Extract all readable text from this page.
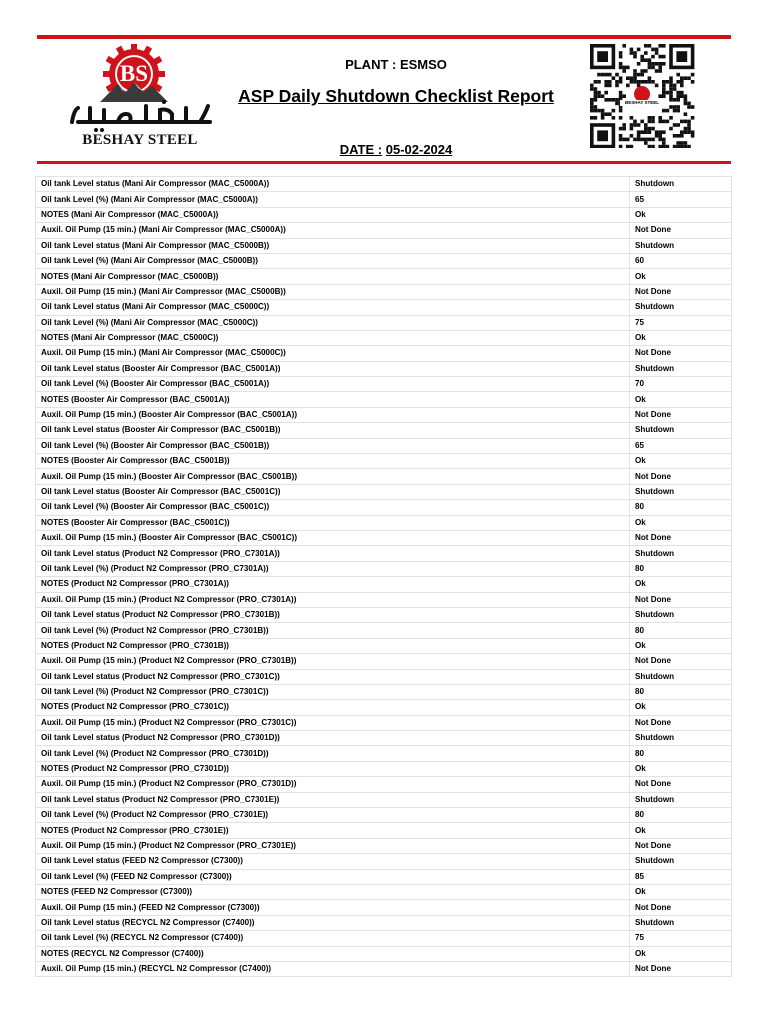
BS
BESHAY STEEL
PLANT : ESMSO
ASP Daily Shutdown Checklist Report
DATE : 05-02-2024
BESHAY STEEL
Oil tank Level status (Mani Air Compressor (MAC_C5000A))	Shutdown
Oil tank Level (%) (Mani Air Compressor (MAC_C5000A))	65
NOTES (Mani Air Compressor (MAC_C5000A))	Ok
Auxil. Oil Pump (15 min.) (Mani Air Compressor (MAC_C5000A))	Not Done
Oil tank Level status (Mani Air Compressor (MAC_C5000B))	Shutdown
Oil tank Level (%) (Mani Air Compressor (MAC_C5000B))	60
NOTES (Mani Air Compressor (MAC_C5000B))	Ok
Auxil. Oil Pump (15 min.) (Mani Air Compressor (MAC_C5000B))	Not Done
Oil tank Level status (Mani Air Compressor (MAC_C5000C))	Shutdown
Oil tank Level (%) (Mani Air Compressor (MAC_C5000C))	75
NOTES (Mani Air Compressor (MAC_C5000C))	Ok
Auxil. Oil Pump (15 min.) (Mani Air Compressor (MAC_C5000C))	Not Done
Oil tank Level status (Booster Air Compressor (BAC_C5001A))	Shutdown
Oil tank Level (%) (Booster Air Compressor (BAC_C5001A))	70
NOTES (Booster Air Compressor (BAC_C5001A))	Ok
Auxil. Oil Pump (15 min.) (Booster Air Compressor (BAC_C5001A))	Not Done
Oil tank Level status (Booster Air Compressor (BAC_C5001B))	Shutdown
Oil tank Level (%) (Booster Air Compressor (BAC_C5001B))	65
NOTES (Booster Air Compressor (BAC_C5001B))	Ok
Auxil. Oil Pump (15 min.) (Booster Air Compressor (BAC_C5001B))	Not Done
Oil tank Level status (Booster Air Compressor (BAC_C5001C))	Shutdown
Oil tank Level (%) (Booster Air Compressor (BAC_C5001C))	80
NOTES (Booster Air Compressor (BAC_C5001C))	Ok
Auxil. Oil Pump (15 min.) (Booster Air Compressor (BAC_C5001C))	Not Done
Oil tank Level status (Product N2 Compressor (PRO_C7301A))	Shutdown
Oil tank Level (%) (Product N2 Compressor (PRO_C7301A))	80
NOTES (Product N2 Compressor (PRO_C7301A))	Ok
Auxil. Oil Pump (15 min.) (Product N2 Compressor (PRO_C7301A))	Not Done
Oil tank Level status (Product N2 Compressor (PRO_C7301B))	Shutdown
Oil tank Level (%) (Product N2 Compressor (PRO_C7301B))	80
NOTES (Product N2 Compressor (PRO_C7301B))	Ok
Auxil. Oil Pump (15 min.) (Product N2 Compressor (PRO_C7301B))	Not Done
Oil tank Level status (Product N2 Compressor (PRO_C7301C))	Shutdown
Oil tank Level (%) (Product N2 Compressor (PRO_C7301C))	80
NOTES (Product N2 Compressor (PRO_C7301C))	Ok
Auxil. Oil Pump (15 min.) (Product N2 Compressor (PRO_C7301C))	Not Done
Oil tank Level status (Product N2 Compressor (PRO_C7301D))	Shutdown
Oil tank Level (%) (Product N2 Compressor (PRO_C7301D))	80
NOTES (Product N2 Compressor (PRO_C7301D))	Ok
Auxil. Oil Pump (15 min.) (Product N2 Compressor (PRO_C7301D))	Not Done
Oil tank Level status (Product N2 Compressor (PRO_C7301E))	Shutdown
Oil tank Level (%) (Product N2 Compressor (PRO_C7301E))	80
NOTES (Product N2 Compressor (PRO_C7301E))	Ok
Auxil. Oil Pump (15 min.) (Product N2 Compressor (PRO_C7301E))	Not Done
Oil tank Level status (FEED N2 Compressor (C7300))	Shutdown
Oil tank Level (%) (FEED N2 Compressor (C7300))	85
NOTES (FEED N2 Compressor (C7300))	Ok
Auxil. Oil Pump (15 min.) (FEED N2 Compressor (C7300))	Not Done
Oil tank Level status (RECYCL N2 Compressor (C7400))	Shutdown
Oil tank Level (%) (RECYCL N2 Compressor (C7400))	75
NOTES (RECYCL N2 Compressor (C7400))	Ok
Auxil. Oil Pump (15 min.) (RECYCL N2 Compressor (C7400))	Not Done
